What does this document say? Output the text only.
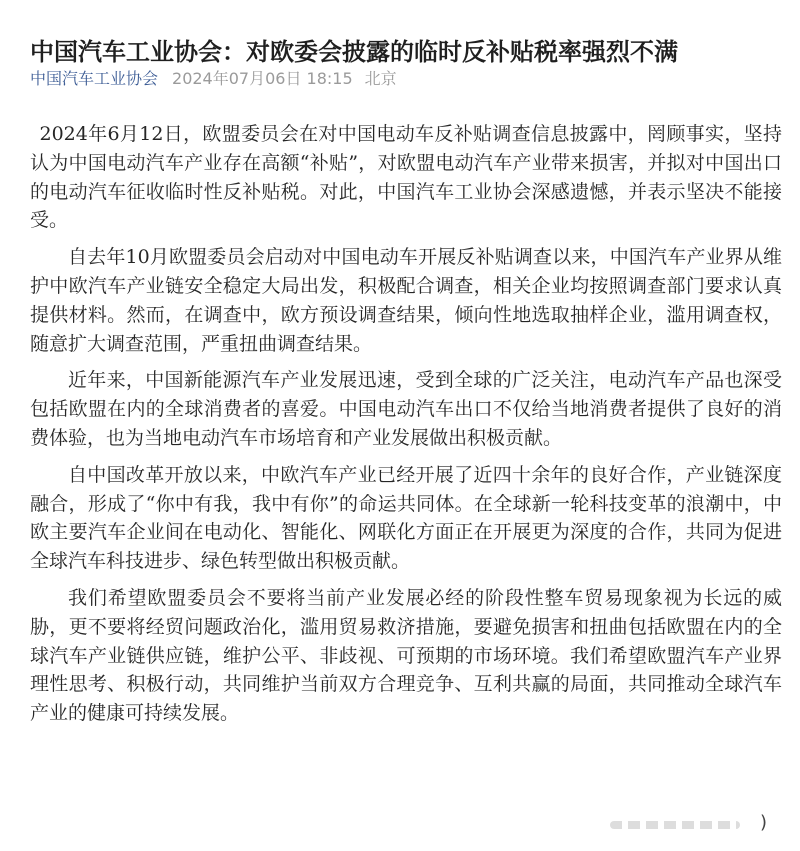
中国汽车工业协会：对欧委会披露的临时反补贴税率强烈不满
中国汽车工业协会 2024年07月06日 18:15 北京

2024年6月12日，欧盟委员会在对中国电动车反补贴调查信息披露中，罔顾事实，坚持认为中国电动汽车产业存在高额“补贴”，对欧盟电动汽车产业带来损害，并拟对中国出口的电动汽车征收临时性反补贴税。对此，中国汽车工业协会深感遗憾，并表示坚决不能接受。

自去年10月欧盟委员会启动对中国电动车开展反补贴调查以来，中国汽车产业界从维护中欧汽车产业链安全稳定大局出发，积极配合调查，相关企业均按照调查部门要求认真提供材料。然而，在调查中，欧方预设调查结果，倾向性地选取抽样企业，滥用调查权，随意扩大调查范围，严重扭曲调查结果。

近年来，中国新能源汽车产业发展迅速，受到全球的广泛关注，电动汽车产品也深受包括欧盟在内的全球消费者的喜爱。中国电动汽车出口不仅给当地消费者提供了良好的消费体验，也为当地电动汽车市场培育和产业发展做出积极贡献。

自中国改革开放以来，中欧汽车产业已经开展了近四十余年的良好合作，产业链深度融合，形成了“你中有我，我中有你”的命运共同体。在全球新一轮科技变革的浪潮中，中欧主要汽车企业间在电动化、智能化、网联化方面正在开展更为深度的合作，共同为促进全球汽车科技进步、绿色转型做出积极贡献。

我们希望欧盟委员会不要将当前产业发展必经的阶段性整车贸易现象视为长远的威胁，更不要将经贸问题政治化，滥用贸易救济措施，要避免损害和扭曲包括欧盟在内的全球汽车产业链供应链，维护公平、非歧视、可预期的市场环境。我们希望欧盟汽车产业界理性思考、积极行动，共同维护当前双方合理竞争、互利共赢的局面，共同推动全球汽车产业的健康可持续发展。

)
